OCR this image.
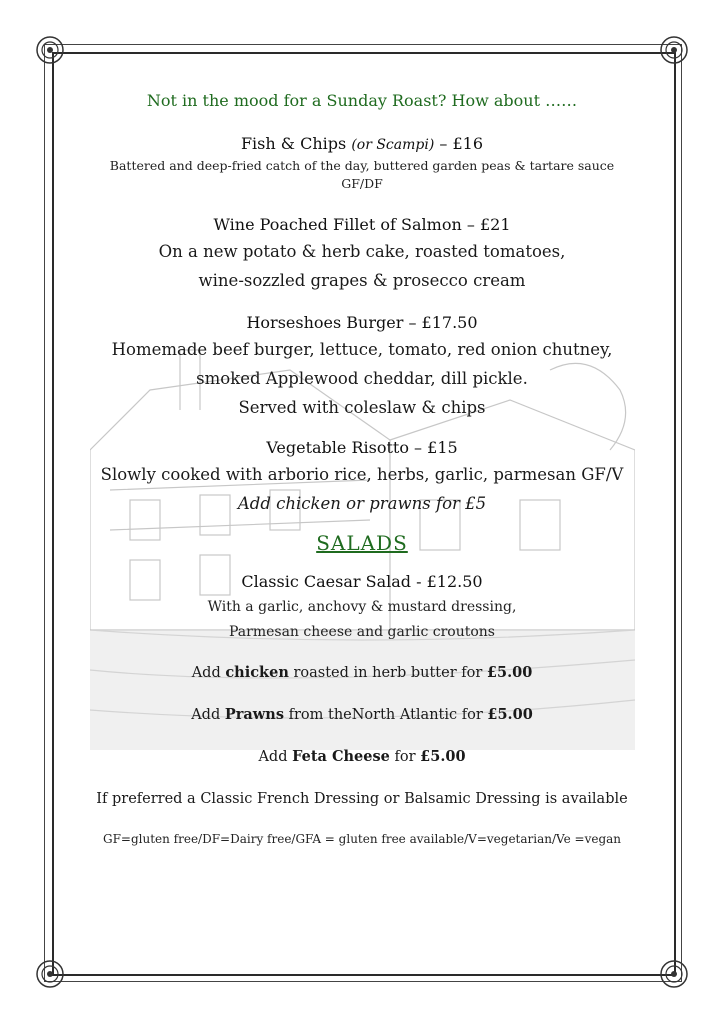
Not in the mood for a Sunday Roast? How about ……

Fish & Chips (or Scampi) – £16

Battered and deep-fried catch of the day, buttered garden peas & tartare sauce

GF/DF

Wine Poached Fillet of Salmon – £21

On a new potato & herb cake, roasted tomatoes,

wine-sozzled grapes & prosecco cream

Horseshoes Burger – £17.50

Homemade beef burger, lettuce, tomato, red onion chutney,

smoked Applewood cheddar, dill pickle.

Served with coleslaw & chips

Vegetable Risotto – £15

Slowly cooked with arborio rice, herbs, garlic, parmesan GF/V

Add chicken or prawns for £5

SALADS

Classic Caesar Salad - £12.50

With a garlic, anchovy & mustard dressing,

Parmesan cheese and garlic croutons

Add chicken roasted in herb butter for £5.00

Add Prawns from theNorth Atlantic for £5.00

Add Feta Cheese for £5.00

If preferred a Classic French Dressing or Balsamic Dressing is available

GF=gluten free/DF=Dairy free/GFA = gluten free available/V=vegetarian/Ve =vegan
